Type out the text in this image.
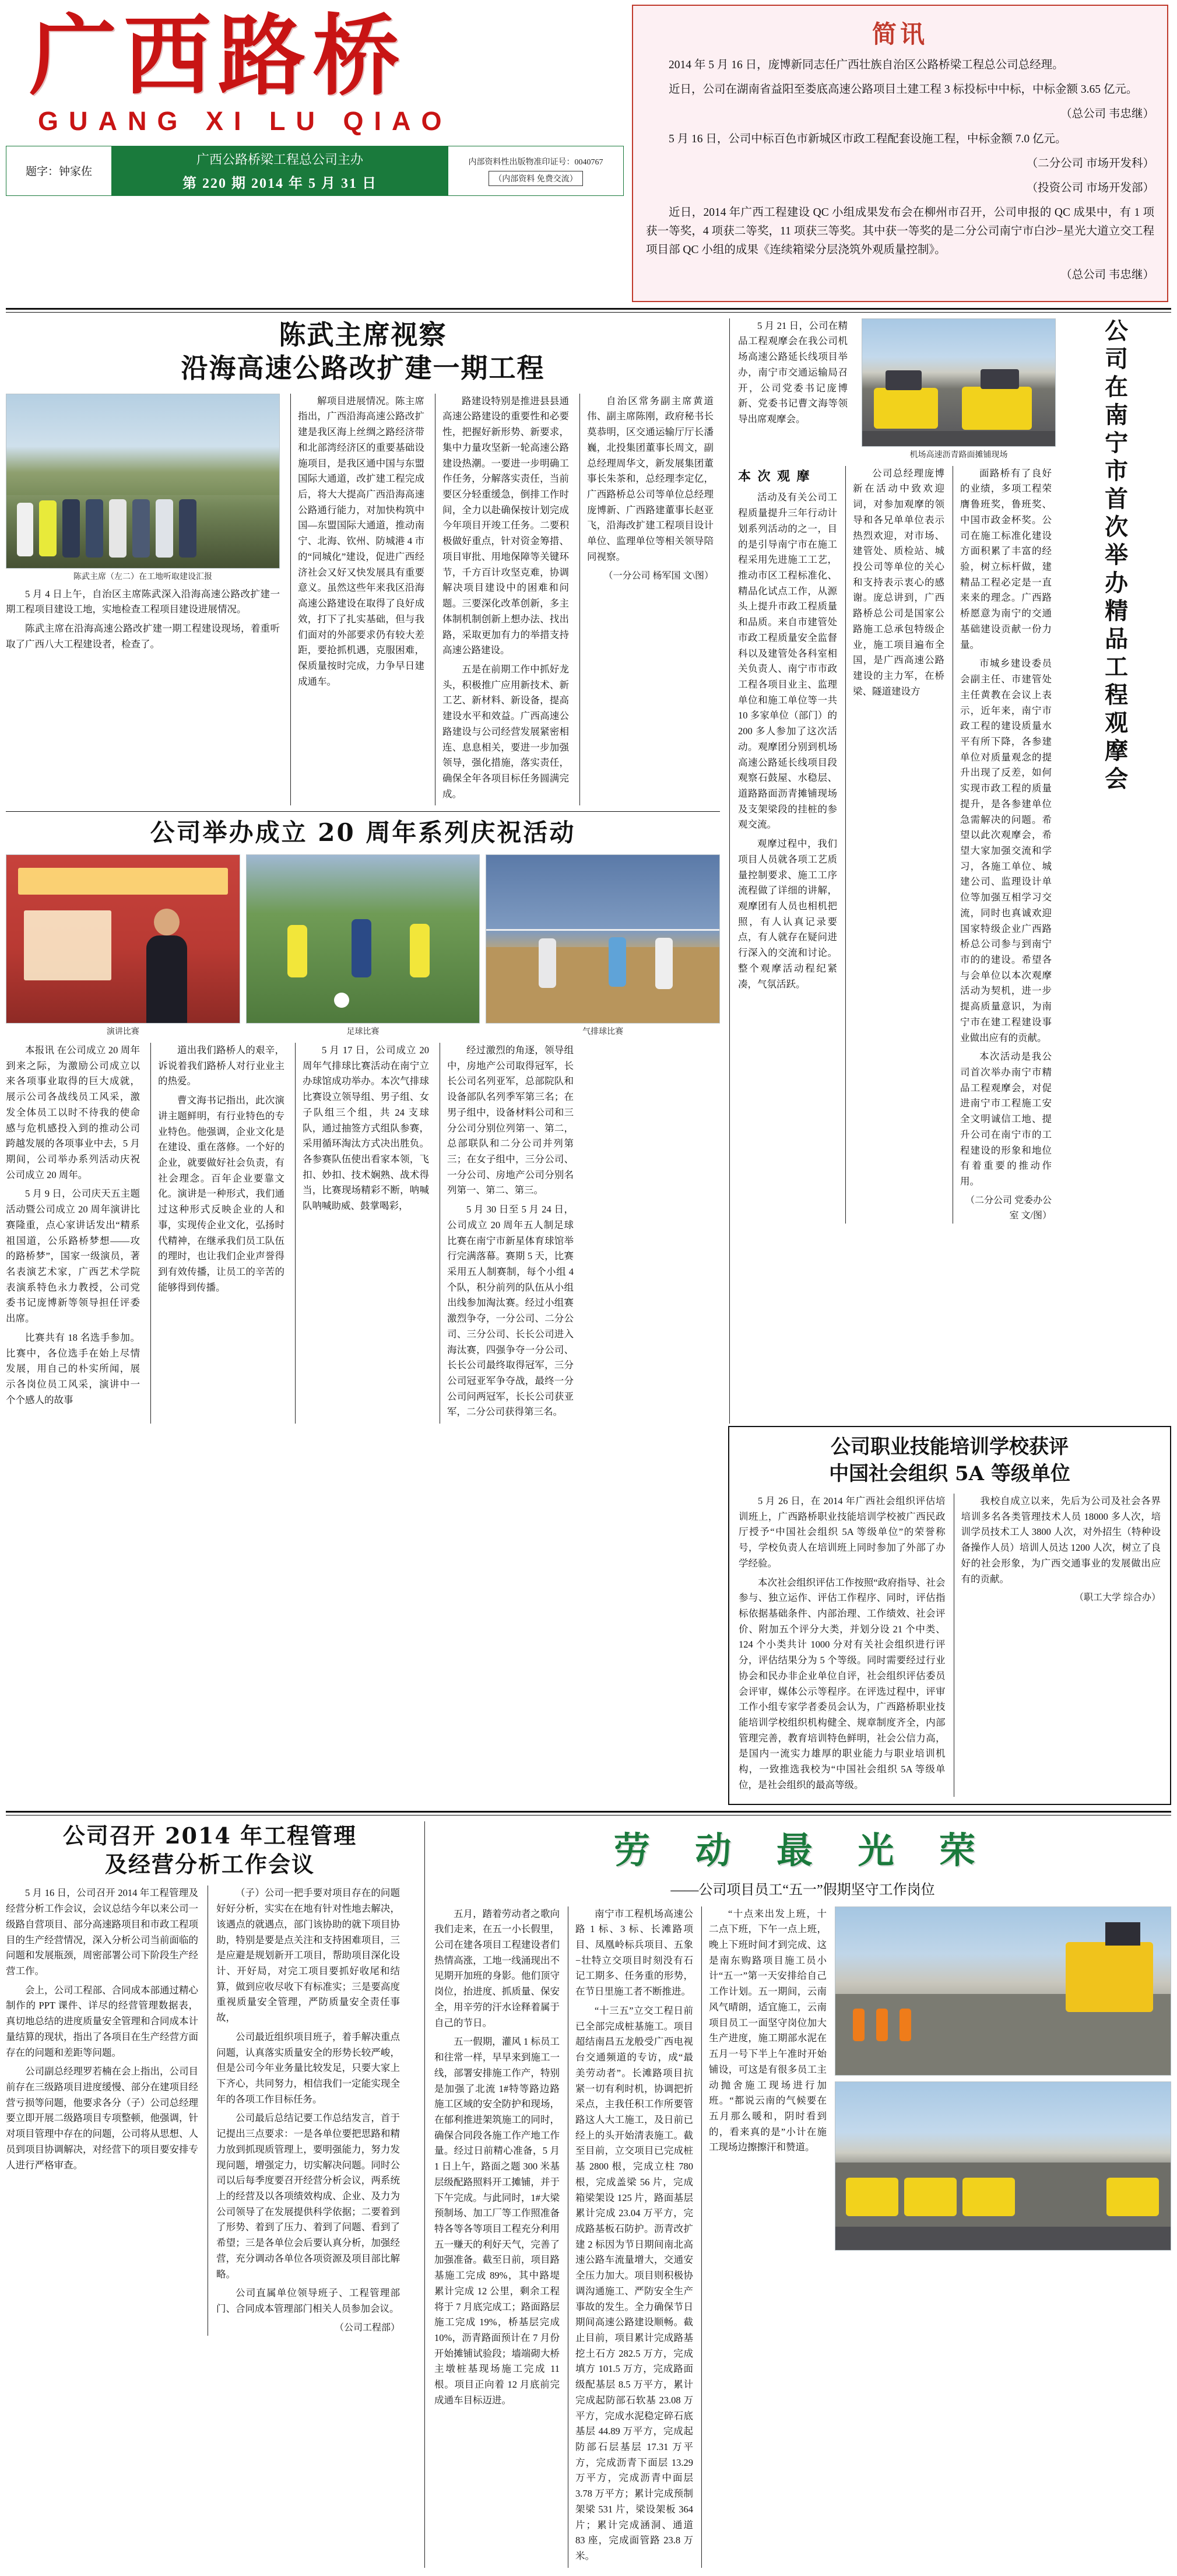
广西路桥
GUANG XI LU QIAO
题字：钟家佐
广西公路桥梁工程总公司主办
第 220 期 2014 年 5 月 31 日
内部资料性出版物准印证号：0040767
（内部资料 免费交流）
简讯

2014 年 5 月 16 日，庞博新同志任广西壮族自治区公路桥梁工程总公司总经理。

近日，公司在湖南省益阳至娄底高速公路项目土建工程 3 标投标中中标，中标金额 3.65 亿元。

（总公司 韦忠继）

5 月 16 日，公司中标百色市新城区市政工程配套设施工程，中标金额 7.0 亿元。

（二分公司 市场开发科）

（投资公司 市场开发部）

近日，2014 年广西工程建设 QC 小组成果发布会在柳州市召开，公司申报的 QC 成果中，有 1 项获一等奖，4 项获二等奖，11 项获三等奖。其中获一等奖的是二分公司南宁市白沙−星光大道立交工程项目部 QC 小组的成果《连续箱梁分层浇筑外观质量控制》。

（总公司 韦忠继）

陈武主席视察
沿海高速公路改扩建一期工程
陈武主席（左二）在工地听取建设汇报

5 月 4 日上午，自治区主席陈武深入沿海高速公路改扩建一期工程项目建设工地，实地检查工程项目建设进展情况。

陈武主席在沿海高速公路改扩建一期工程建设现场，着重听取了广西八大工程建设者，检查了。

解项目进展情况。陈主席指出，广西沿海高速公路改扩建是我区海上丝绸之路经济带和北部湾经济区的重要基础设施项目，是我区通中国与东盟国际大通道，改扩建工程完成后，将大大提高广西沿海高速公路通行能力，对加快构筑中国—东盟国际大通道，推动南宁、北海、钦州、防城港 4 市的“同城化”建设，促进广西经济社会又好又快发展具有重要意义。虽然这些年来我区沿海高速公路建设在取得了良好成效，打下了扎实基础，但与我们面对的外部要求仍有较大差距，要抢抓机遇，克服困难，保质量按时完成，力争早日建成通车。

路建设特别是推进县县通高速公路建设的重要性和必要性，把握好新形势、新要求，集中力量攻坚新一轮高速公路建设热潮。一要进一步明确工作任务，分解落实责任，当前要区分轻重缓急，倒排工作时间，全力以赴确保按计划完成今年项目开竣工任务。二要积极做好重点，针对资金筹措、项目审批、用地保障等关键环节，千方百计攻坚克难，协调解决项目建设中的困难和问题。三要深化改革创新，多主体制机制创新上想办法、找出路，采取更加有力的举措支持高速公路建设。

五是在前期工作中抓好龙头，积极推广应用新技术、新工艺、新材料、新设备，提高建设水平和效益。广西高速公路建设与公司经营发展紧密相连、息息相关，要进一步加强领导，强化措施，落实责任，确保全年各项目标任务圆满完成。

自治区常务副主席黄道伟、副主席陈刚，政府秘书长莫恭明，区交通运输厅厅长潘巍，北投集团董事长周文，副总经理周华文，新发展集团董事长朱茶和，总经理李定亿，广西路桥总公司等单位总经理庞博新、广西路建董事长赵亚飞，沿海改扩建工程项目设计单位、监理单位等相关领导陪同视察。

（一分公司 杨军国 文\图）
公司举办成立 20 周年系列庆祝活动
演讲比赛	足球比赛	气排球比赛

本报讯 在公司成立 20 周年到来之际，为激励公司成立以来各项事业取得的巨大成就，展示公司各战线员工风采，激发全体员工以时不待我的使命感与危机感投入到的推动公司跨越发展的各项事业中去，5 月期间，公司举办系列活动庆祝公司成立 20 周年。

5 月 9 日，公司庆天五主题活动暨公司成立 20 周年演讲比赛隆重，点心家讲话发出“精系祖国道，公乐路桥梦想——攻的路桥梦”，国家一级演员，著名表演艺术家，广西艺术学院表演系特色永力教授，公司党委书记庞博新等领导担任评委出席。

比赛共有 18 名选手参加。比赛中，各位选手在始上尽情发展，用自己的朴实所闻，展示各岗位员工风采，演讲中一个个感人的故事

道出我们路桥人的艰辛，诉说着我们路桥人对行业业主的热爱。

曹文海书记指出，此次演讲主题鲜明，有行业特色的专业特色。他强调，企业文化是在建设、重在落修。一个好的企业，就要做好社会负责，有社会理念。百年企业要靠文化。演讲是一种形式，我们通过这种形式反映企业的人和事，实现传企业文化，弘扬时代精神，在继承我们员工队伍的理时，也让我们企业声誉得到有效传播，让员工的辛苦的能够得到传播。

5 月 17 日，公司成立 20 周年气排球比赛活动在南宁立办球馆成功举办。本次气排球比赛设立领导组、男子组、女子队组三个组，共 24 支球队，通过抽签方式组队参赛，采用循环淘汰方式决出胜负。各参赛队伍使出看家本领，飞扣、妙扣、技术娴熟、战术得当，比赛现场精彩不断，呐喊队呐喊助威、鼓掌喝彩，

经过激烈的角逐，领导组中，房地产公司取得冠军，长长公司名列亚军，总部院队和设备部队名列季军第三名；在男子组中，设备材料公司和三分公司分别位列第一、第二，总部联队和二分公司并列第三；在女子组中，三分公司、一分公司、房地产公司分别名列第一、第二、第三。

5 月 30 日至 5 月 24 日，公司成立 20 周年五人制足球比赛在南宁市新星体育球馆举行完满落幕。赛期 5 天，比赛采用五人制赛制，每个小组 4 个队，积分前列的队伍从小组出线参加淘汰赛。经过小组赛激烈争夺，一分公司、二分公司、三分公司、长长公司进入海汰赛，四强争夺一分公司、长长公司最终取得冠军，三分公司冠亚军争夺战，最终一分公司问两冠军，长长公司获亚军，二分公司获得第三名。

5 月 21 日，公司在精品工程观摩会在我公司机场高速公路延长线项目举办，南宁市交通运输局召开，公司党委书记庞博新、党委书记曹文海等领导出席观摩会。

机场高速沥青路面摊铺现场
本 次 观 摩

活动及有关公司工程质量提升三年行动计划系列活动的之一，目的是引导南宁市在施工程采用先进施工工艺，推动市区工程标准化、精品化试点工作，从源头上提升市政工程质量和品质。来自市建管处市政工程质量安全监督科以及建管处各科室相关负责人、南宁市市政工程各项目业主、监理单位和施工单位等一共 10 多家单位（部门）的 200 多人参加了这次活动。观摩团分别到机场高速公路延长线项目段观察石鼓屋、水稳层、道路路面沥青摊铺现场及支架梁段的挂桩的参观交流。

观摩过程中，我们项目人员就各项工艺质量控制要求、施工工序流程做了详细的讲解，观摩团有人员也相机把照，有人认真记录要点，有人就存在疑问进行深入的交流和讨论。整个观摩活动程纪紧凑，气氛活跃。

公司总经理庞博新在活动中致欢迎词，对参加观摩的领导和各兄单单位表示热烈欢迎，对市场、建管处、质检站、城投公司等单位的关心和支持表示衷心的感谢。庞总讲到，广西路桥总公司是国家公路施工总承包特级企业，施工项目遍布全国，是广西高速公路建设的主力军，在桥梁、隧道建设方

面路桥有了良好的业绩，多项工程荣膺鲁班奖，鲁班奖、中国市政金杯奖。公司在施工标准化建设方面积累了丰富的经验，树立标杆做，建精品工程必定是一直来来的理念。广西路桥愿意为南宁的交通基础建设贡献一份力量。

市城乡建设委员会副主任、市建管处主任黄教在会议上表示，近年来，南宁市政工程的建设质量水平有所下降，各参建单位对质量观念的提升出现了反差，如何实现市政工程的质量提升，是各参建单位急需解决的问题。希望以此次观摩会，希望大家加强交流和学习，各施工单位、城建公司、监理设计单位等加强互相学习交流，同时也真诚欢迎国家特级企业广西路桥总公司参与到南宁市的的建设。希望各与会单位以本次观摩活动为契机，进一步提高质量意识，为南宁市在建工程建设事业做出应有的贡献。

本次活动是我公司首次举办南宁市精品工程观摩会，对促进南宁市工程施工安全文明诚信工地、提升公司在南宁市的工程建设的形象和地位有着重要的推动作用。

（二分公司 党委办公室 文/图）
公司在南宁市首次举办精品工程观摩会
公司职业技能培训学校获评
中国社会组织 5A 等级单位

5 月 26 日，在 2014 年广西社会组织评估培训班上，广西路桥职业技能培训学校被广西民政厅授予“中国社会组织 5A 等级单位”的荣誉称号，学校负责人在培训班上同时参加了外部了办学经验。

本次社会组织评估工作按照“政府指导、社会参与、独立运作、评估工作程序、同时，评估指标依据基础条件、内部治理、工作绩效、社会评价、附加五个评分大类，并划分设 21 个中类、124 个小类共计 1000 分对有关社会组织进行评分，评估结果分为 5 个等级。同时需要经过行业协会和民办非企业单位自评，社会组织评估委员会评审，媒体公示等程序。在评选过程中，评审工作小组专家学者委员会认为，广西路桥职业技能培训学校组织机构健全、规章制度齐全，内部管理完善，教育培训特色鲜明，社会公信力高，是国内一流实力雄厚的职业能力与职业培训机构，一致推选我校为“中国社会组织 5A 等级单位，是社会组织的最高等级。

我校自成立以来，先后为公司及社会各界培训多名各类管理技术人员 18000 多人次，培训学员技术工人 3800 人次，对外招生（特种设备操作人员）培训人员达 1200 人次，树立了良好的社会形象，为广西交通事业的发展做出应有的贡献。

（职工大学 综合办）
公司召开 2014 年工程管理
及经营分析工作会议

5 月 16 日，公司召开 2014 年工程管理及经营分析工作会议，会议总结今年以来公司一级路自营项目、部分高速路项目和市政工程项目的生产经营情况，深入分析公司当前面临的问题和发展瓶颈，周密部署公司下阶段生产经营工作。

会上，公司工程部、合同成本部通过精心制作的 PPT 课件、详尽的经营管理数据表，真切地总结的进度质量安全管理和合同成本计量结算的现状，指出了各项目在生产经营方面存在的问题和差距等问题。

公司副总经理罗若楠在会上指出，公司目前存在三级路项目进度缓慢、部分在建项目经营亏损等问题，他要求各分（子）公司总经理要立即开展二级路项目专项整顿，他强调，针对项目管理中存在的问题，公司将从思想、人员到项目协调解决，对经营下的项目要安排专人进行严格审查。

（子）公司一把手要对项目存在的问题好好分析，实实在在地有针对性地去解决，该遇点的就遇点，部门该协助的就下项目协助，特别是要是点关注和支持困难项目，三是应避是规划新开工项目，帮助项目深化设计、开好局，对完工项目要抓好收尾和结算，做到应收尽收下有标准实；三是要高度重视质量安全管理，严防质量安全责任事故，

公司最近组织项目班子，着手解决重点问题，认真落实质量安全的形势长较严峻，但是公司今年业务量比较发足，只要大家上下齐心，共同努力，相信我们一定能实现全年的各项工作目标任务。

公司最后总结记要工作总结发言，首于记提出三点要求：一是各单位要把思路和精力放到抓现质管理上，要明强能力，努力发现问题，增强定力，切实解决问题。同时公司以后每季度要召开经营分析会议，两系统上的经营及以各项绩效构成、企业、及力为公司领导了在发展提供科学依据；二要着到了形势、着到了压力、着到了问题、看到了希望；三是各单位会后要认真分析，加强经营，充分调动各单位各项资源及项目部比解略。

公司直属单位领导班子、工程管理部门、合同成本管理部门相关人员参加会议。

（公司工程部）
劳 动 最 光 荣
——公司项目员工“五一”假期坚守工作岗位

五月，踏着劳动者之歌向我们走来，在五一小长假里，公司在建各项目工程建设者们热情高涨，工地一线涌现出不见期开加班的身影。他们顶守岗位，抬进度、抓质量、保安全，用辛劳的汗水诠释着属于自己的节日。

五一假期，灌风 1 标员工和往常一样，早早来到施工一线，部署安排施工作产，特别是加强了北流 1#特等路边路施工区域的安全防护和现场，在郁利推进架筑施工的同时，确保合同段各施工作产地工作量。经过日前精心准备，5 月 1 日上午，路面之题 300 米基层级配路照料开工摊铺，并于下午完成。与此同时，1#大梁预制场、加工厂等工作照准备特各等各等项目工程充分利用五一赚天的利好天气，完善了加强准备。截至日前，项目路基施工完成 89%，其中路堤累计完成 12 公里，剩余工程将于 7 月底完成工；路面路层施工完成 19%，桥基层完成 10%，沥青路面预计在 7 月份开始摊铺试验段；墙端砌大桥主墩桩基现场施工完成 11 根。项目正向着 12 月底前完成通车目标迈进。

南宁市工程机场高速公路 1 标、3 标、长滩路项目、凤凰岭标兵项目、五象−壮特立交项目时刻没有石记工期多、任务重的形势，在节日里施工者不断推进。

“十三五”立交工程日前已全部完成桩基施工。项目超结南昌五龙般受广西电视台交通频道的专访，成“最美劳动者”。长滩路项目抗紧一切有利时机，协调把折采点，主我任积工作所要管路这人大工施工，及日前已经上的头开始清表施工。截至目前，立交项目已完成桩基 2800 根，完成立柱 780 根，完成盖梁 56 片，完成箱梁架设 125 片，路面基层累计完成 23.04 万平方，完成路基板石防护。沥青改扩建 2 标因为节日期间南北高速公路车流量增大，交通安全压力加大。项目则积极协调沟通施工、严防安全生产事故的发生。全力确保节日期间高速公路建设顺畅。截止目前，项目累计完成路基挖土石方 282.5 万方，完成填方 101.5 万方，完成路面级配基层 8.5 万平方，累计完成起防部石软基 23.08 万平方，完成水泥稳定碎石底基层 44.89 万平方，完成起防部石层基层 17.31 万平方，完成沥青下面层 13.29 万平方，完成沥青中面层 3.78 万平方；累计完成预制架梁 531 片，梁设架板 364 片；累计完成涵洞、通道 83 座，完成面管路 23.8 万米。

“十点来出发上班，十二点下班，下午一点上班，晚上下班时间才到完成、这是南东购路项目施工员小计“五一”第一天安排给自己工作计划。五一期间，云南风气晴朗，适宜施工，云南项目员工一面坚守岗位加大生产进度，施工期部水泥在五月一号下半上午准时开始铺设，可这是有很多员工主动抛舍施工现场进行加班。“都说云南的气候要在五月那么暖和，阴时看到的，看来真的是”小计在施工现场边擦擦汗和赞道。
